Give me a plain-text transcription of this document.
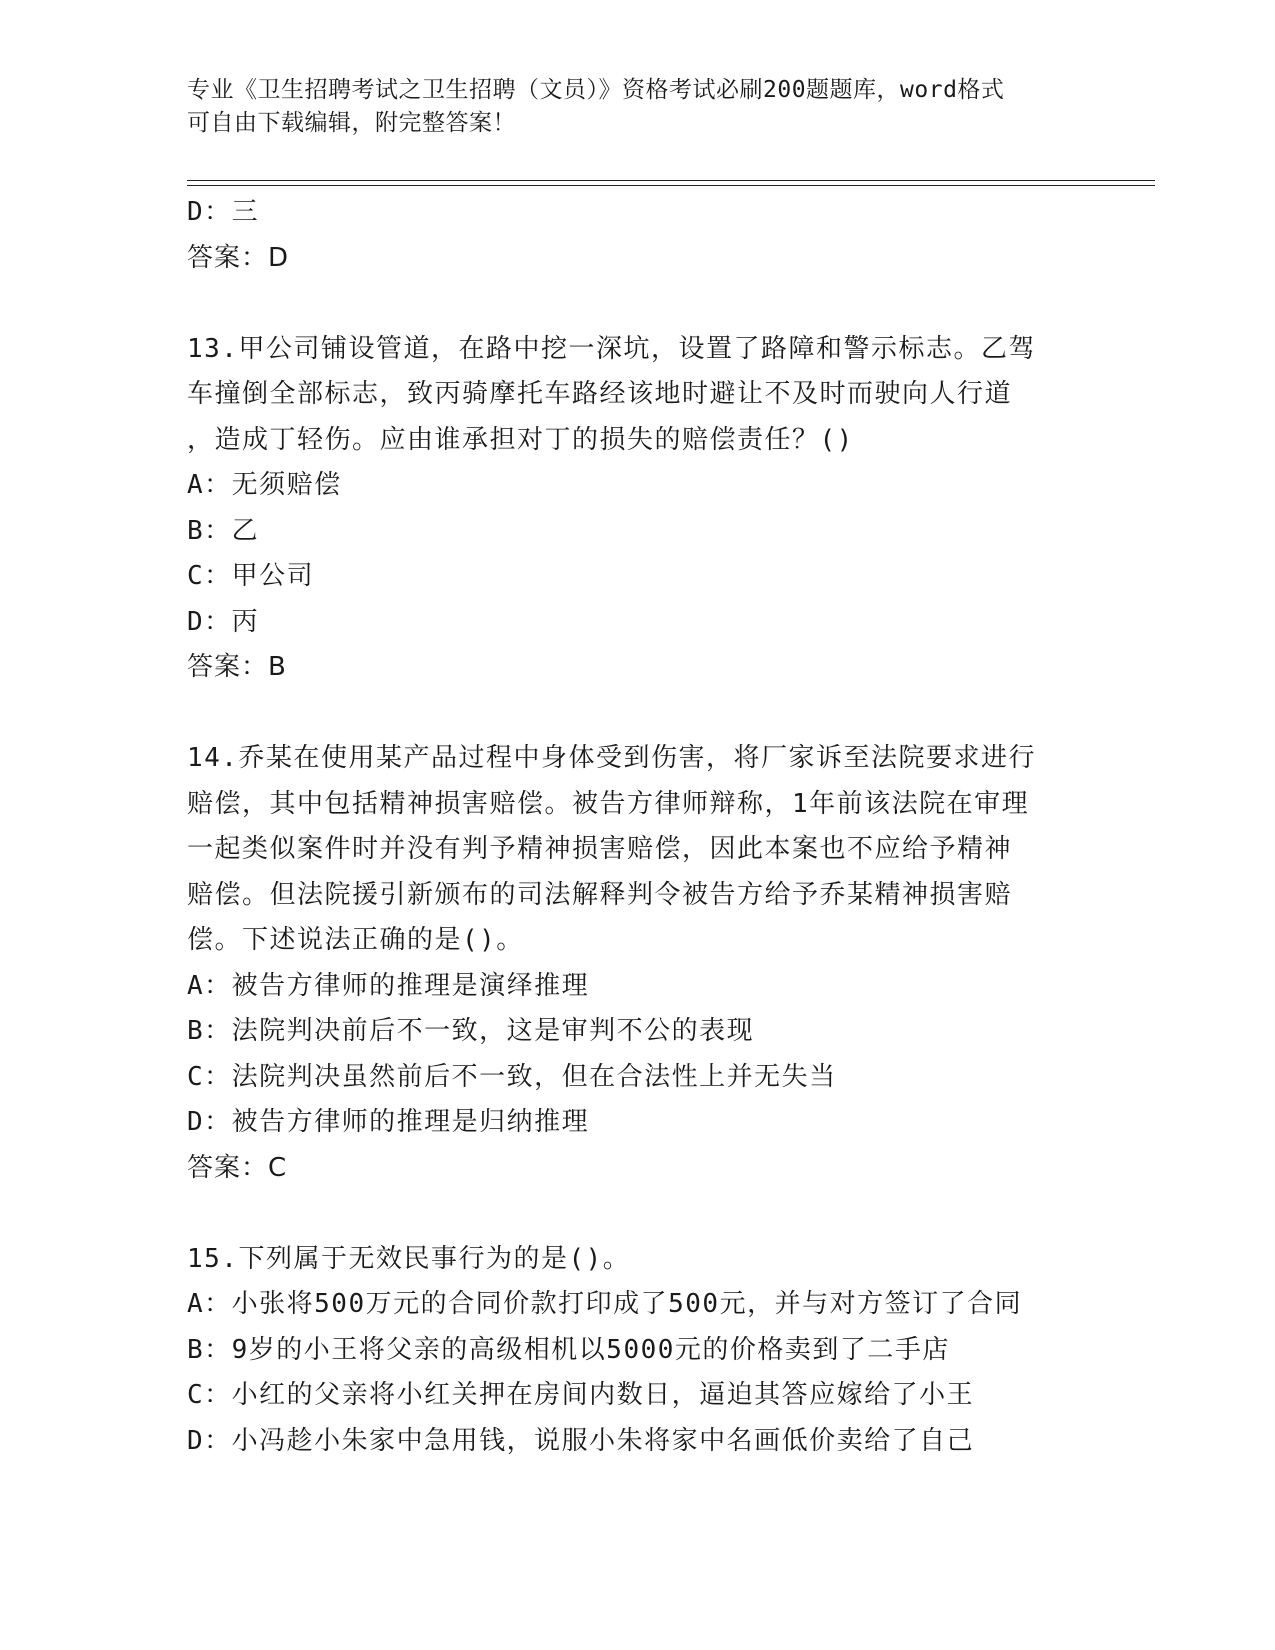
专业《卫生招聘考试之卫生招聘（文员）》资格考试必刷200题题库，word格式
可自由下载编辑，附完整答案！
D：三
答案：D
13.甲公司铺设管道，在路中挖一深坑，设置了路障和警示标志。乙驾
车撞倒全部标志，致丙骑摩托车路经该地时避让不及时而驶向人行道
，造成丁轻伤。应由谁承担对丁的损失的赔偿责任？()
A：无须赔偿
B：乙
C：甲公司
D：丙
答案：B
14.乔某在使用某产品过程中身体受到伤害，将厂家诉至法院要求进行
赔偿，其中包括精神损害赔偿。被告方律师辩称，1年前该法院在审理
一起类似案件时并没有判予精神损害赔偿，因此本案也不应给予精神
赔偿。但法院援引新颁布的司法解释判令被告方给予乔某精神损害赔
偿。下述说法正确的是()。
A：被告方律师的推理是演绎推理
B：法院判决前后不一致，这是审判不公的表现
C：法院判决虽然前后不一致，但在合法性上并无失当
D：被告方律师的推理是归纳推理
答案：C
15.下列属于无效民事行为的是()。
A：小张将500万元的合同价款打印成了500元，并与对方签订了合同
B：9岁的小王将父亲的高级相机以5000元的价格卖到了二手店
C：小红的父亲将小红关押在房间内数日，逼迫其答应嫁给了小王
D：小冯趁小朱家中急用钱，说服小朱将家中名画低价卖给了自己
